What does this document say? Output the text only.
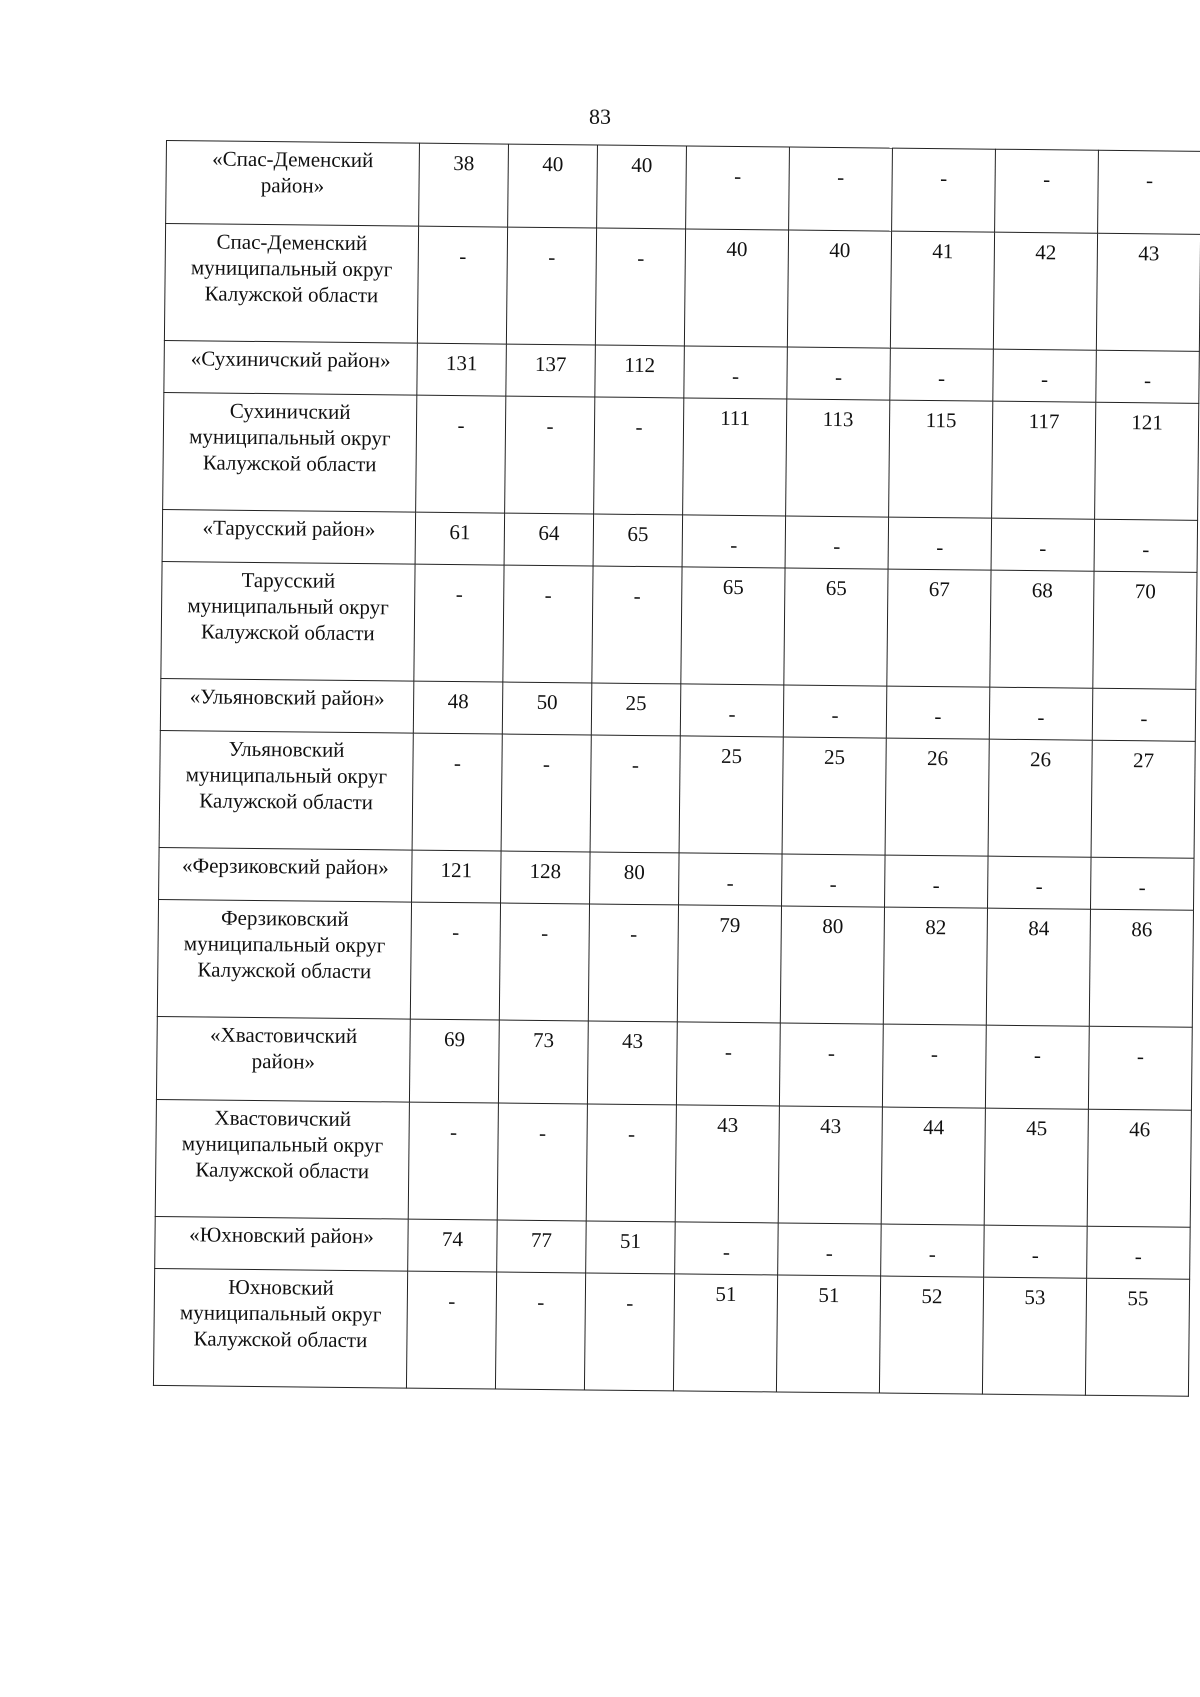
83
«Спас-Деменский
район»	38	40	40	-	-	-	-	-

Спас-Деменский
муниципальный округ
Калужской области	-	-	-	40	40	41	42	43

«Сухиничский район»	131	137	112	-	-	-	-	-

Сухиничский
муниципальный округ
Калужской области	-	-	-	111	113	115	117	121

«Тарусский район»	61	64	65	-	-	-	-	-

Тарусский
муниципальный округ
Калужской области	-	-	-	65	65	67	68	70

«Ульяновский район»	48	50	25	-	-	-	-	-

Ульяновский
муниципальный округ
Калужской области	-	-	-	25	25	26	26	27

«Ферзиковский район»	121	128	80	-	-	-	-	-

Ферзиковский
муниципальный округ
Калужской области	-	-	-	79	80	82	84	86

«Хвастовичский
район»	69	73	43	-	-	-	-	-

Хвастовичский
муниципальный округ
Калужской области	-	-	-	43	43	44	45	46

«Юхновский район»	74	77	51	-	-	-	-	-

Юхновский
муниципальный округ
Калужской области	-	-	-	51	51	52	53	55
